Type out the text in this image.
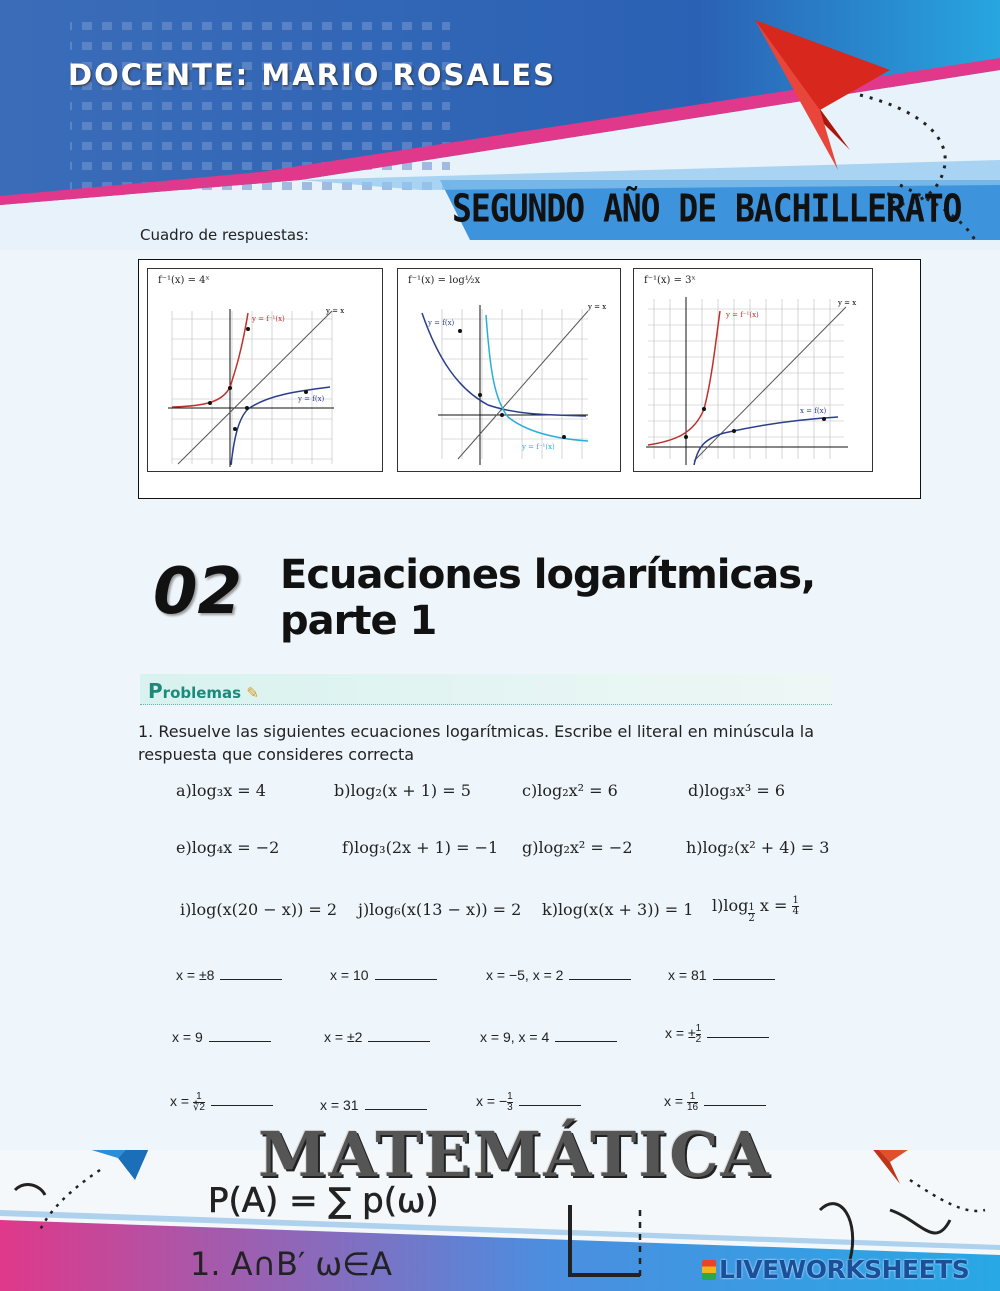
DOCENTE: MARIO ROSALES
SEGUNDO AÑO DE BACHILLERATO
Cuadro de respuestas:
f⁻¹(x) = 4ˣ
y = f⁻¹(x)
y = f(x)
y = x
f⁻¹(x) = log½x
y = f(x)
y = f⁻¹(x)
y = x
f⁻¹(x) = 3ˣ
y = f⁻¹(x)
x = f(x)
y = x
02 Ecuaciones logarítmicas,
parte 1
Problemas ✎
1. Resuelve las siguientes ecuaciones logarítmicas. Escribe el literal en minúscula la respuesta que consideres correcta
a)log₃x = 4	b)log₂(x + 1) = 5	c)log₂x² = 6	d)log₃x³ = 6
e)log₄x = −2	f)log₃(2x + 1) = −1 g)log₂x² = −2	h)log₂(x² + 4) = 3
i)log(x(20 − x)) = 2 j)log₆(x(13 − x)) = 2 k)log(x(x + 3)) = 1 $l)\log \frac{1}{2}$ $x = \frac{1}{4}$
x = ±8	x = 10	x = −5, x = 2	x = 81
x = 9	x = ±2	x = 9, x = 4	x = ± $\frac{1}{2}$
$x = \frac{1}{∜2}$	x = 31	x = − $\frac{1}{3}$	$x = \frac{1}{16}$
P(A) = ∑ p(ω)
1. A∩B′ ω∈A
MATEMÁTICA
LIVEWORKSHEETS
